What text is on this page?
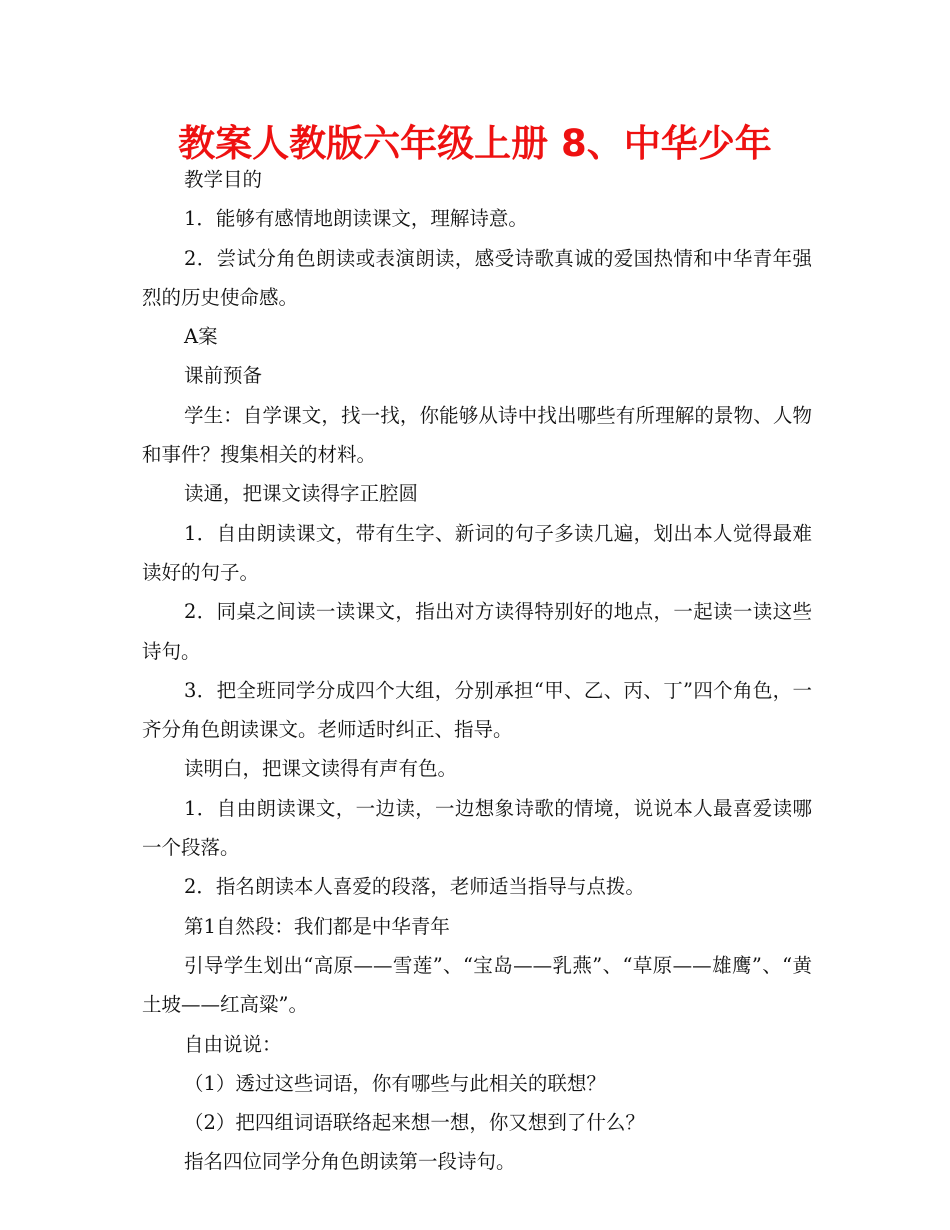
教案人教版六年级上册 8、中华少年

教学目的

1．能够有感情地朗读课文，理解诗意。

2．尝试分角色朗读或表演朗读，感受诗歌真诚的爱国热情和中华青年强烈的历史使命感。

A案

课前预备

学生：自学课文，找一找，你能够从诗中找出哪些有所理解的景物、人物和事件？搜集相关的材料。

读通，把课文读得字正腔圆

1．自由朗读课文，带有生字、新词的句子多读几遍，划出本人觉得最难读好的句子。

2．同桌之间读一读课文，指出对方读得特别好的地点，一起读一读这些诗句。

3．把全班同学分成四个大组，分别承担“甲、乙、丙、丁”四个角色，一齐分角色朗读课文。老师适时纠正、指导。

读明白，把课文读得有声有色。

1．自由朗读课文，一边读，一边想象诗歌的情境，说说本人最喜爱读哪一个段落。

2．指名朗读本人喜爱的段落，老师适当指导与点拨。

第1自然段：我们都是中华青年

引导学生划出“高原——雪莲”、“宝岛——乳燕”、“草原——雄鹰”、“黄土坡——红高粱”。

自由说说：

（1）透过这些词语，你有哪些与此相关的联想？

（2）把四组词语联络起来想一想，你又想到了什么？

指名四位同学分角色朗读第一段诗句。
